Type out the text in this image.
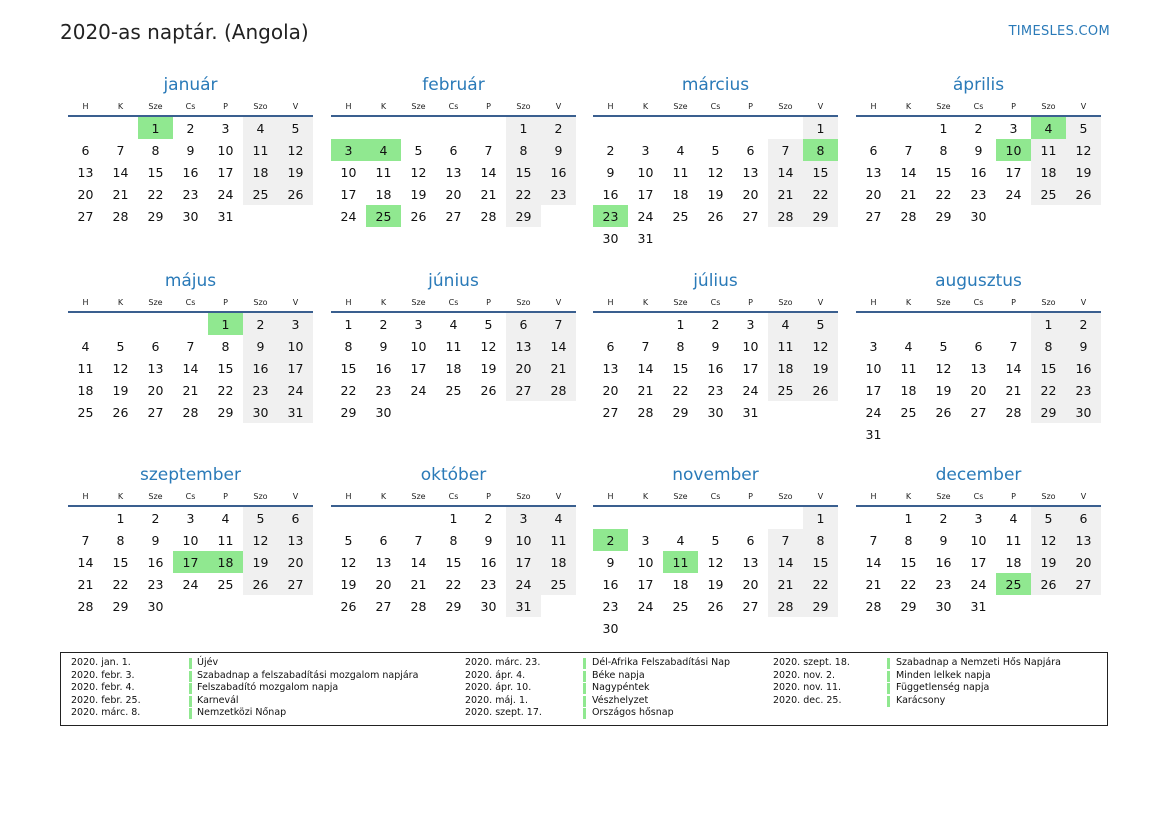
2020-as naptár. (Angola)	TIMESLES.COM
január
H	K	Sze	Cs	P	Szo	V
		1	2	3	4	5
6	7	8	9	10	11	12
13	14	15	16	17	18	19
20	21	22	23	24	25	26
27	28	29	30	31		
február
H	K	Sze	Cs	P	Szo	V
					1	2
3	4	5	6	7	8	9
10	11	12	13	14	15	16
17	18	19	20	21	22	23
24	25	26	27	28	29	
március
H	K	Sze	Cs	P	Szo	V
						1
2	3	4	5	6	7	8
9	10	11	12	13	14	15
16	17	18	19	20	21	22
23	24	25	26	27	28	29
30	31					
április
H	K	Sze	Cs	P	Szo	V
		1	2	3	4	5
6	7	8	9	10	11	12
13	14	15	16	17	18	19
20	21	22	23	24	25	26
27	28	29	30			
május
H	K	Sze	Cs	P	Szo	V
				1	2	3
4	5	6	7	8	9	10
11	12	13	14	15	16	17
18	19	20	21	22	23	24
25	26	27	28	29	30	31
június
H	K	Sze	Cs	P	Szo	V
1	2	3	4	5	6	7
8	9	10	11	12	13	14
15	16	17	18	19	20	21
22	23	24	25	26	27	28
29	30					
július
H	K	Sze	Cs	P	Szo	V
		1	2	3	4	5
6	7	8	9	10	11	12
13	14	15	16	17	18	19
20	21	22	23	24	25	26
27	28	29	30	31		
augusztus
H	K	Sze	Cs	P	Szo	V
					1	2
3	4	5	6	7	8	9
10	11	12	13	14	15	16
17	18	19	20	21	22	23
24	25	26	27	28	29	30
31						
szeptember
H	K	Sze	Cs	P	Szo	V
	1	2	3	4	5	6
7	8	9	10	11	12	13
14	15	16	17	18	19	20
21	22	23	24	25	26	27
28	29	30				
október
H	K	Sze	Cs	P	Szo	V
			1	2	3	4
5	6	7	8	9	10	11
12	13	14	15	16	17	18
19	20	21	22	23	24	25
26	27	28	29	30	31	
november
H	K	Sze	Cs	P	Szo	V
						1
2	3	4	5	6	7	8
9	10	11	12	13	14	15
16	17	18	19	20	21	22
23	24	25	26	27	28	29
30						
december
H	K	Sze	Cs	P	Szo	V
	1	2	3	4	5	6
7	8	9	10	11	12	13
14	15	16	17	18	19	20
21	22	23	24	25	26	27
28	29	30	31			
2020. jan. 1.	Újév
2020. febr. 3.	Szabadnap a felszabadítási mozgalom napjára
2020. febr. 4.	Felszabadító mozgalom napja
2020. febr. 25.	Karnevál
2020. márc. 8.	Nemzetközi Nőnap
2020. márc. 23.	Dél-Afrika Felszabadítási Nap
2020. ápr. 4.	Béke napja
2020. ápr. 10.	Nagypéntek
2020. máj. 1.	Vészhelyzet
2020. szept. 17.	Országos hősnap
2020. szept. 18.	Szabadnap a Nemzeti Hős Napjára
2020. nov. 2.	Minden lelkek napja
2020. nov. 11.	Függetlenség napja
2020. dec. 25.	Karácsony
